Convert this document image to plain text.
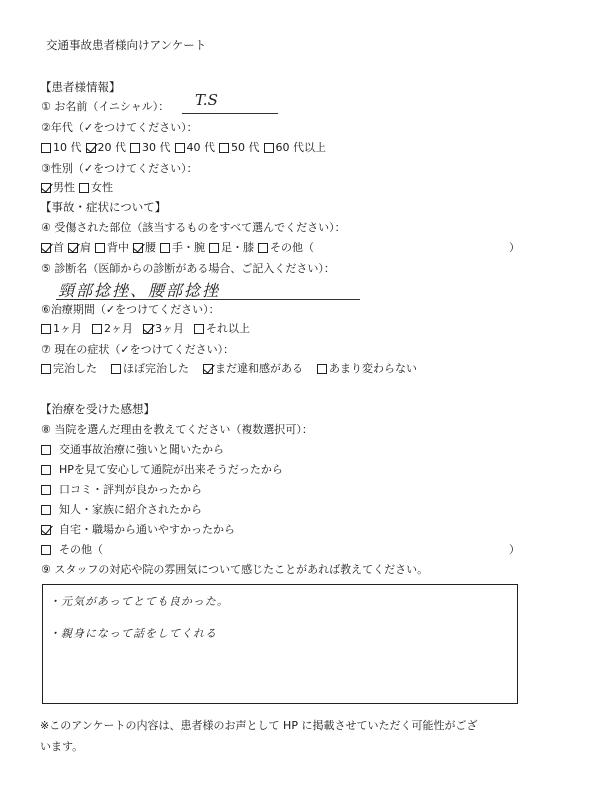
交通事故患者様向けアンケート
【患者様情報】
① お名前（イニシャル）： T.S
②年代（✓をつけてください）：
10 代 20 代 30 代 40 代 50 代 60 代以上
③性別（✓をつけてください）：
男性 女性
【事故・症状について】
④ 受傷された部位（該当するものをすべて選んでください）：
首 肩 背中 腰 手・腕 足・膝 その他（	）
⑤ 診断名（医師からの診断がある場合、ご記入ください）：
頸部捻挫、腰部捻挫
⑥治療期間（✓をつけてください）：
1ヶ月 2ヶ月 3ヶ月 それ以上
⑦ 現在の症状（✓をつけてください）：
完治した ほぼ完治した まだ違和感がある あまり変わらない
【治療を受けた感想】
⑧ 当院を選んだ理由を教えてください（複数選択可）：
交通事故治療に強いと聞いたから
HPを見て安心して通院が出来そうだったから
口コミ・評判が良かったから
知人・家族に紹介されたから
自宅・職場から通いやすかったから
その他（	）
⑨ スタッフの対応や院の雰囲気について感じたことがあれば教えてください。
・元気があってとても良かった。
・親身になって話をしてくれる
※このアンケートの内容は、患者様のお声として HP に掲載させていただく可能性がござ
います。
